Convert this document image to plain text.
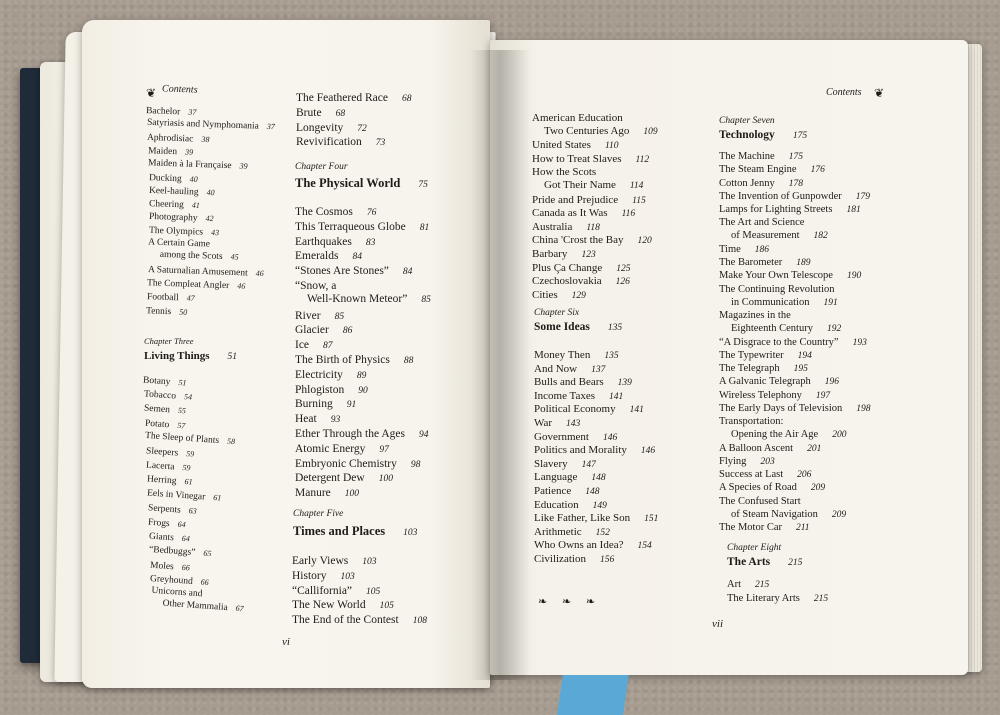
❦ Contents
Bachelor 37
Satyriasis and Nymphomania 37
Aphrodisiac 38
Maiden 39
Maiden à la Française 39
Ducking 40
Keel-hauling 40
Cheering 41
Photography 42
The Olympics 43
A Certain Game
among the Scots 45
A Saturnalian Amusement 46
The Compleat Angler 46
Football 47
Tennis 50
Chapter Three
Living Things 51
Botany 51
Tobacco 54
Semen 55
Potato 57
The Sleep of Plants 58
Sleepers 59
Lacerta 59
Herring 61
Eels in Vinegar 61
Serpents 63
Frogs 64
Giants 64
“Bedbuggs” 65
Moles 66
Greyhound 66
Unicorns and
Other Mammalia 67
The Feathered Race 68
Brute 68
Longevity 72
Revivification 73
Chapter Four
The Physical World 75
The Cosmos 76
This Terraqueous Globe 81
Earthquakes 83
Emeralds 84
“Stones Are Stones” 84
“Snow, a
Well-Known Meteor” 85
River 85
Glacier 86
Ice 87
The Birth of Physics 88
Electricity 89
Phlogiston 90
Burning 91
Heat 93
Ether Through the Ages 94
Atomic Energy 97
Embryonic Chemistry 98
Detergent Dew 100
Manure 100
Chapter Five
Times and Places 103
Early Views 103
History 103
“Callifornia” 105
The New World 105
The End of the Contest 108
vi
Contents ❦
American Education
Two Centuries Ago 109
United States 110
How to Treat Slaves 112
How the Scots
Got Their Name 114
Pride and Prejudice 115
Canada as It Was 116
Australia 118
China 'Crost the Bay 120
Barbary 123
Plus Ça Change 125
Czechoslovakia 126
Cities 129
Chapter Six
Some Ideas 135
Money Then 135
And Now 137
Bulls and Bears 139
Income Taxes 141
Political Economy 141
War 143
Government 146
Politics and Morality 146
Slavery 147
Language 148
Patience 148
Education 149
Like Father, Like Son 151
Arithmetic 152
Who Owns an Idea? 154
Civilization 156
❧ ❧ ❧
Chapter Seven
Technology 175
The Machine 175
The Steam Engine 176
Cotton Jenny 178
The Invention of Gunpowder 179
Lamps for Lighting Streets 181
The Art and Science
of Measurement 182
Time 186
The Barometer 189
Make Your Own Telescope 190
The Continuing Revolution
in Communication 191
Magazines in the
Eighteenth Century 192
“A Disgrace to the Country” 193
The Typewriter 194
The Telegraph 195
A Galvanic Telegraph 196
Wireless Telephony 197
The Early Days of Television 198
Transportation:
Opening the Air Age 200
A Balloon Ascent 201
Flying 203
Success at Last 206
A Species of Road 209
The Confused Start
of Steam Navigation 209
The Motor Car 211
Chapter Eight
The Arts 215
Art 215
The Literary Arts 215
vii
